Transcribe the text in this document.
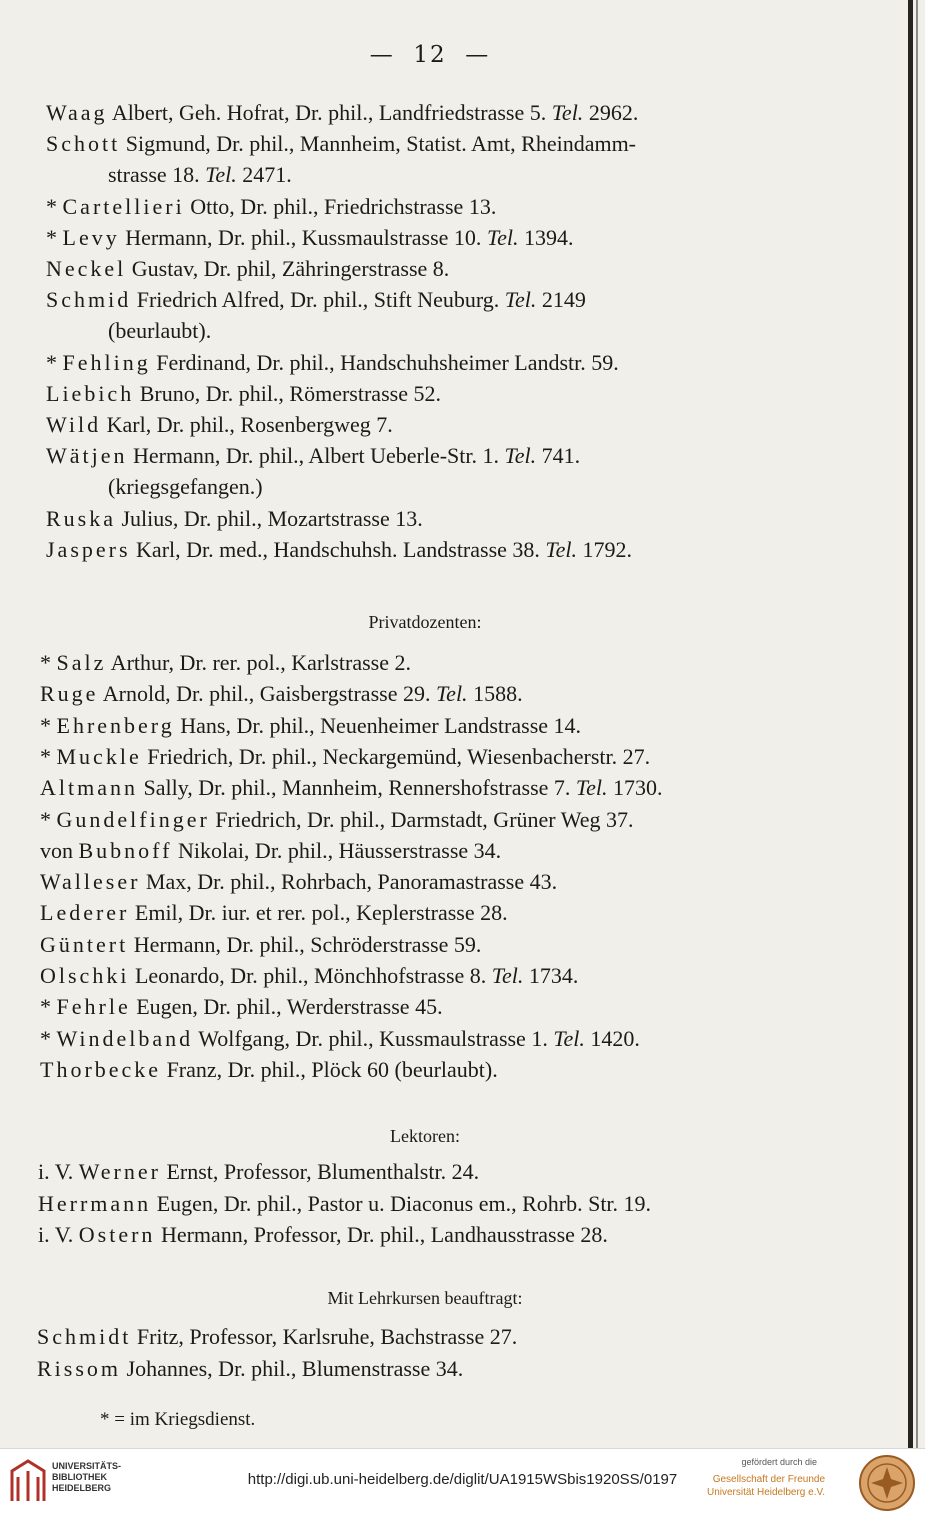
—  12  —
Waag Albert, Geh. Hofrat, Dr. phil., Landfriedstrasse 5. Tel. 2962.
Schott Sigmund, Dr. phil., Mannheim, Statist. Amt, Rheindamm-
strasse 18. Tel. 2471.
* Cartellieri Otto, Dr. phil., Friedrichstrasse 13.
* Levy Hermann, Dr. phil., Kussmaulstrasse 10. Tel. 1394.
Neckel Gustav, Dr. phil, Zähringerstrasse 8.
Schmid Friedrich Alfred, Dr. phil., Stift Neuburg. Tel. 2149
(beurlaubt).
* Fehling Ferdinand, Dr. phil., Handschuhsheimer Landstr. 59.
Liebich Bruno, Dr. phil., Römerstrasse 52.
Wild Karl, Dr. phil., Rosenbergweg 7.
Wätjen Hermann, Dr. phil., Albert Ueberle-Str. 1. Tel. 741.
(kriegsgefangen.)
Ruska Julius, Dr. phil., Mozartstrasse 13.
Jaspers Karl, Dr. med., Handschuhsh. Landstrasse 38. Tel. 1792.
Privatdozenten:
* Salz Arthur, Dr. rer. pol., Karlstrasse 2.
Ruge Arnold, Dr. phil., Gaisbergstrasse 29. Tel. 1588.
* Ehrenberg Hans, Dr. phil., Neuenheimer Landstrasse 14.
* Muckle Friedrich, Dr. phil., Neckargemünd, Wiesenbacherstr. 27.
Altmann Sally, Dr. phil., Mannheim, Rennershofstrasse 7. Tel. 1730.
* Gundelfinger Friedrich, Dr. phil., Darmstadt, Grüner Weg 37.
von Bubnoff Nikolai, Dr. phil., Häusserstrasse 34.
Walleser Max, Dr. phil., Rohrbach, Panoramastrasse 43.
Lederer Emil, Dr. iur. et rer. pol., Keplerstrasse 28.
Güntert Hermann, Dr. phil., Schröderstrasse 59.
Olschki Leonardo, Dr. phil., Mönchhofstrasse 8. Tel. 1734.
* Fehrle Eugen, Dr. phil., Werderstrasse 45.
* Windelband Wolfgang, Dr. phil., Kussmaulstrasse 1. Tel. 1420.
Thorbecke Franz, Dr. phil., Plöck 60 (beurlaubt).
Lektoren:
i. V. Werner Ernst, Professor, Blumenthalstr. 24.
Herrmann Eugen, Dr. phil., Pastor u. Diaconus em., Rohrb. Str. 19.
i. V. Ostern Hermann, Professor, Dr. phil., Landhausstrasse 28.
Mit Lehrkursen beauftragt:
Schmidt Fritz, Professor, Karlsruhe, Bachstrasse 27.
Rissom Johannes, Dr. phil., Blumenstrasse 34.
* = im Kriegsdienst.
UNIVERSITÄTS-
BIBLIOTHEK
HEIDELBERG	http://digi.ub.uni-heidelberg.de/diglit/UA1915WSbis1920SS/0197
gefördert durch die
Gesellschaft der Freunde
Universität Heidelberg e.V.
